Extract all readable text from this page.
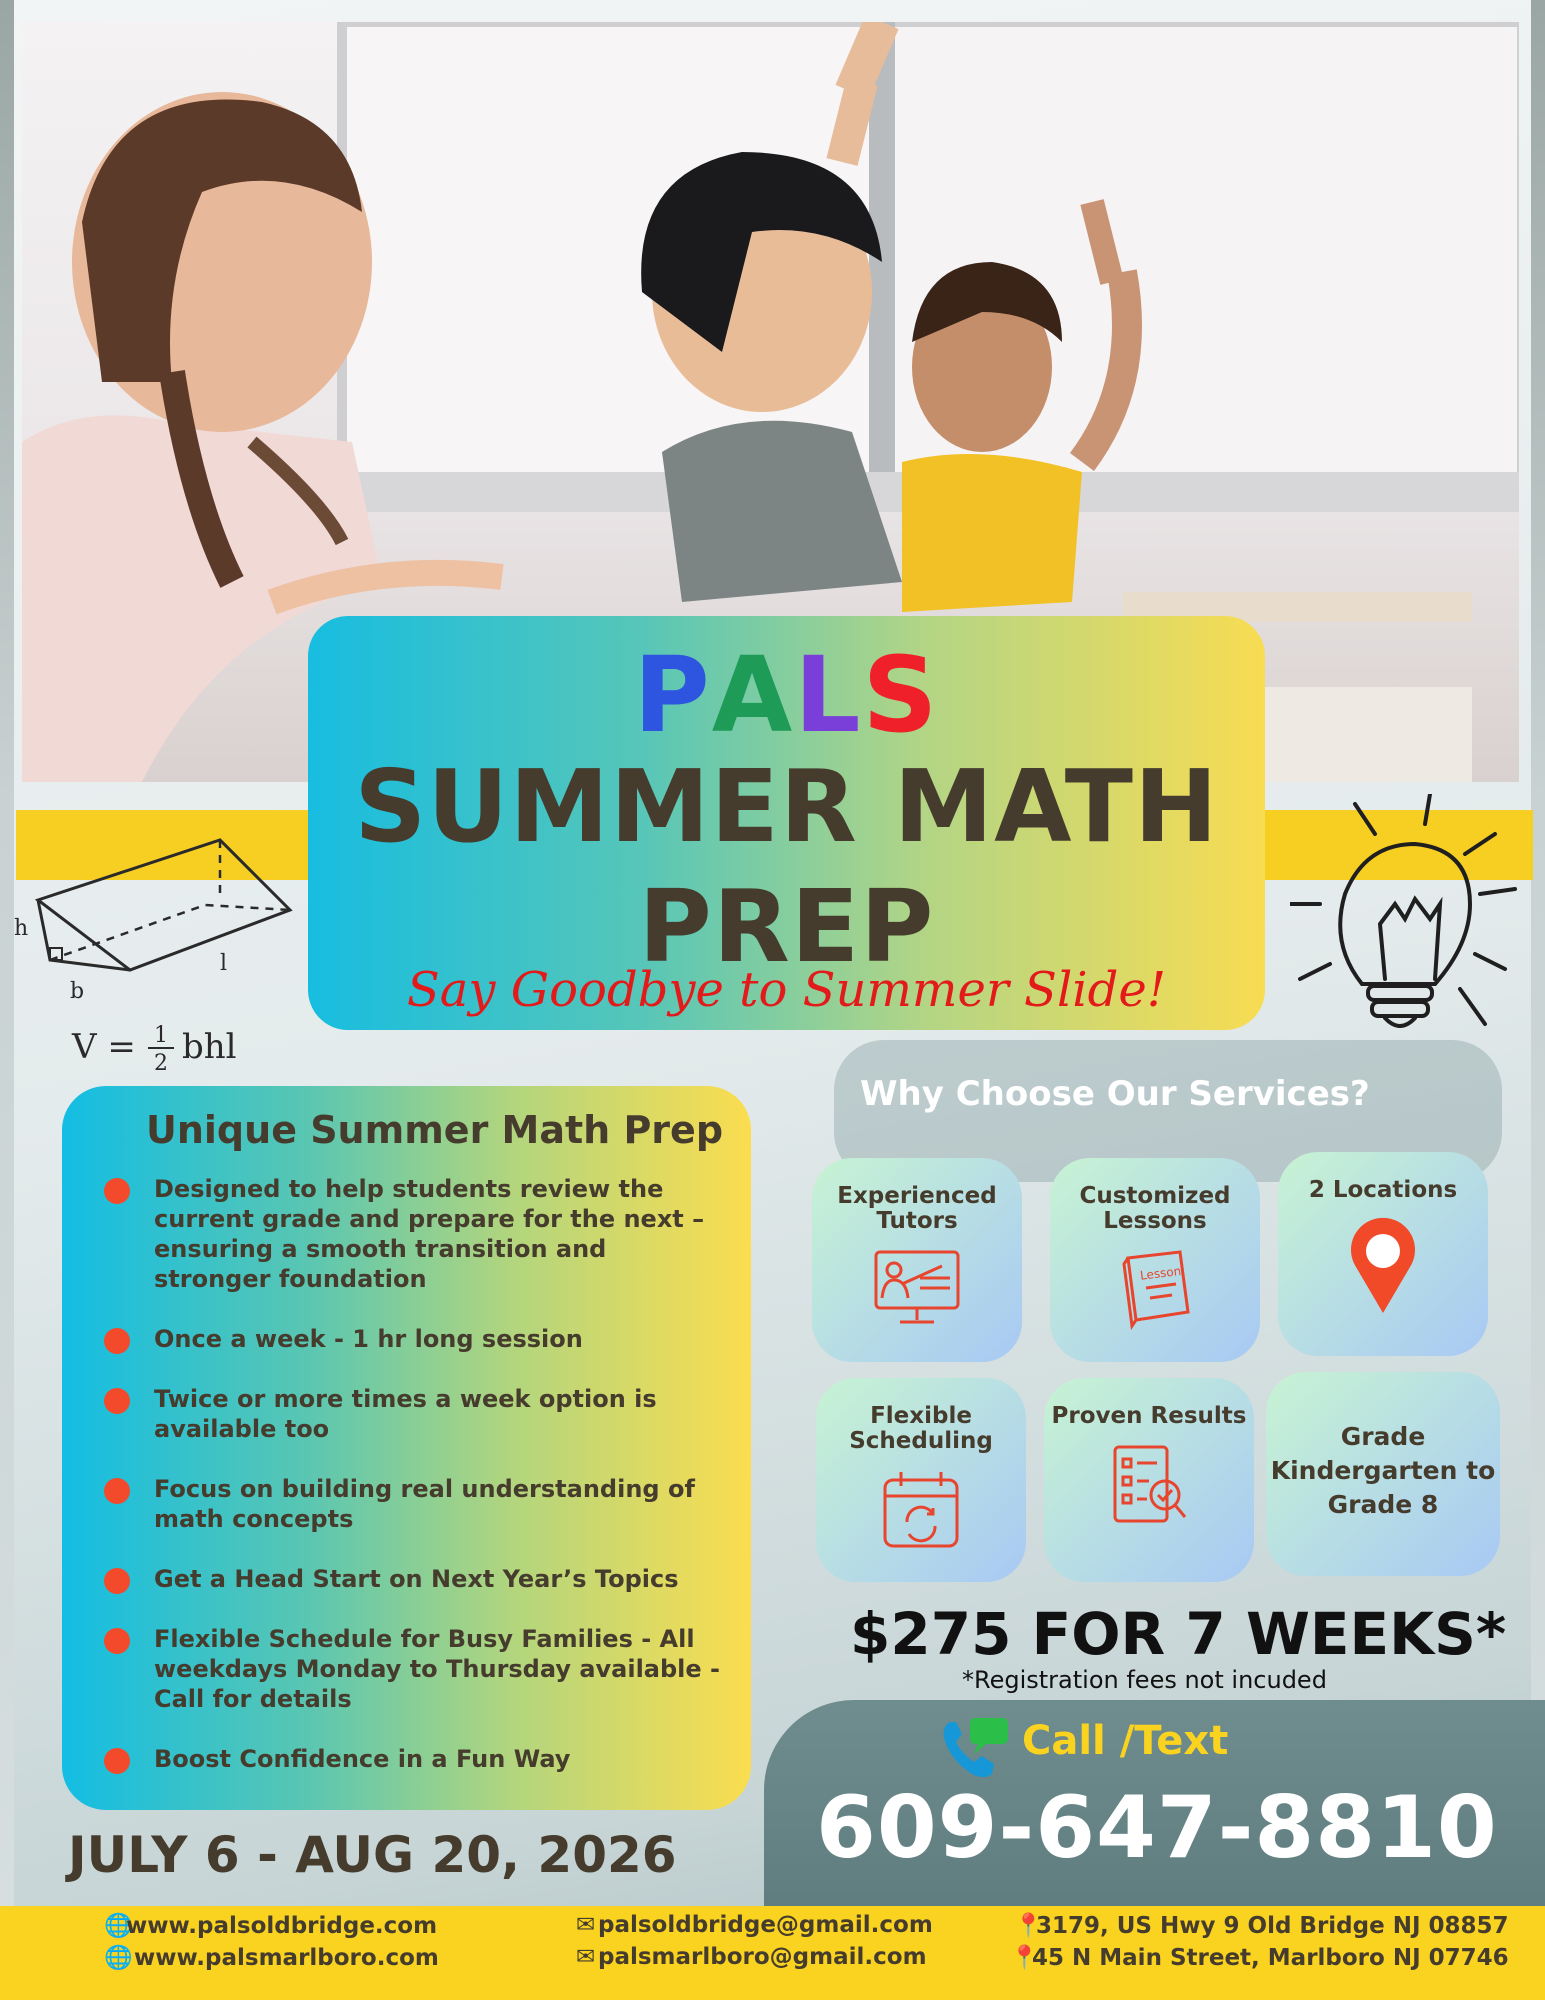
h
b
l
V = 1
2 bhl
PALS
SUMMER MATH
PREP
Say Goodbye to Summer Slide!
Unique Summer Math Prep
Designed to help students review the current grade and prepare for the next – ensuring a smooth transition and stronger foundation
Once a week - 1 hr long session
Twice or more times a week option is available too
Focus on building real understanding of math concepts
Get a Head Start on Next Year’s Topics
Flexible Schedule for Busy Families - All weekdays Monday to Thursday available - Call for details
Boost Confidence in a Fun Way
JULY 6 - AUG 20, 2026
Why Choose Our Services?
Experienced Tutors
Customized Lessons
Lesson
2 Locations
Flexible Scheduling
Proven Results
Grade Kindergarten to Grade 8
$275 FOR 7 WEEKS*
*Registration fees not incuded
Call /Text
609-647-8810
🌐www.palsoldbridge.com
🌐 www.palsmarlboro.com
✉ palsoldbridge@gmail.com
✉ palsmarlboro@gmail.com
📍3179, US Hwy 9 Old Bridge NJ 08857
📍45 N Main Street, Marlboro NJ 07746
